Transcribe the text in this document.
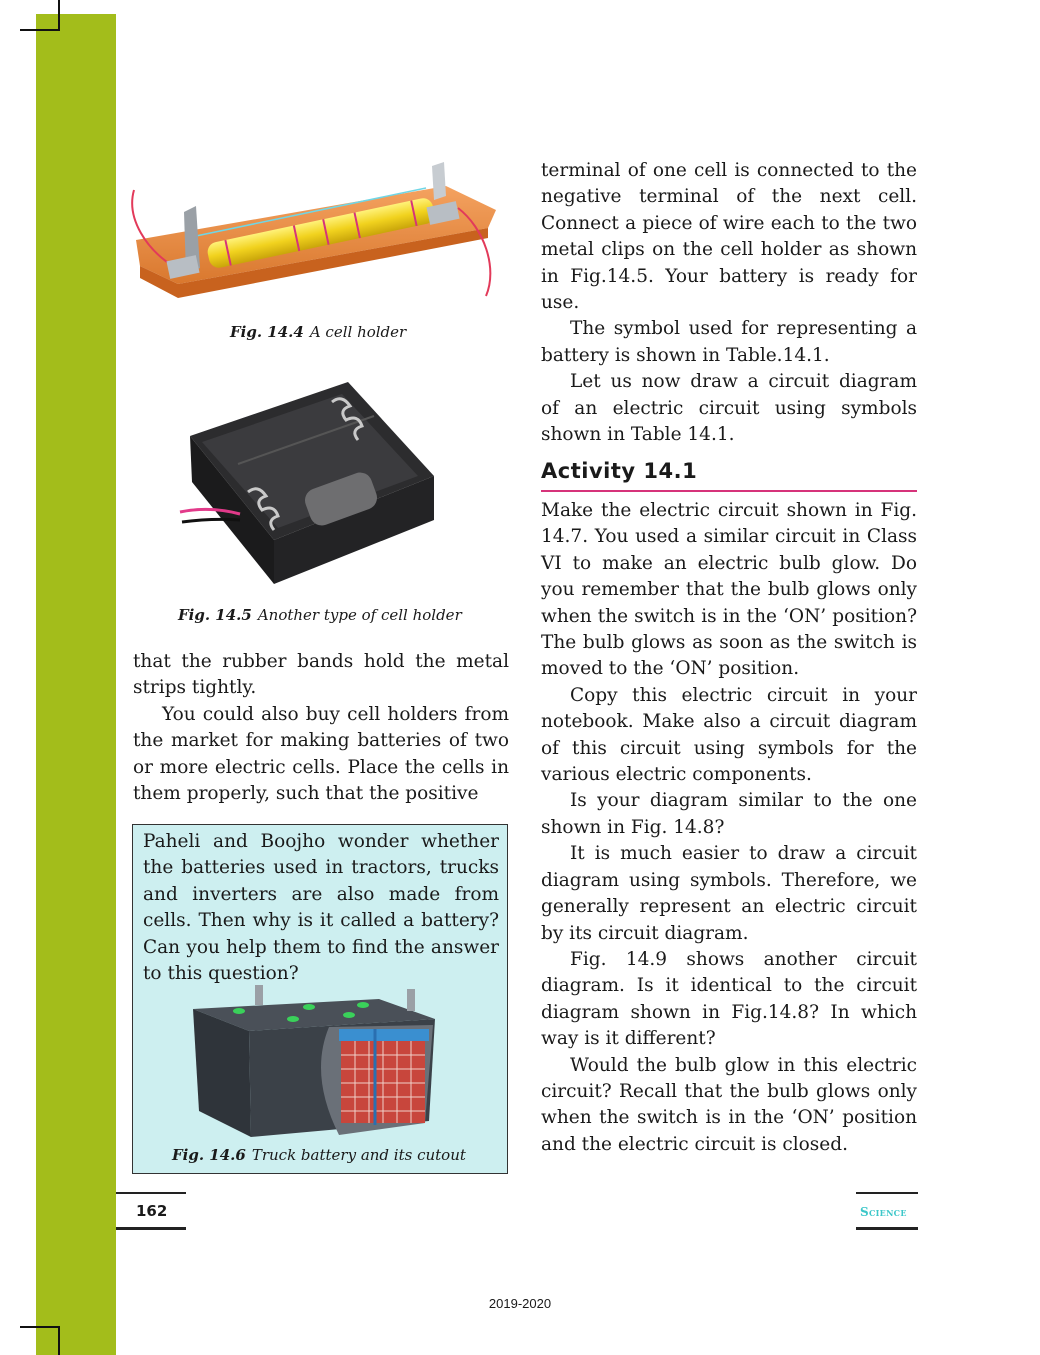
Fig. 14.4 A cell holder
Fig. 14.5 Another type of cell holder

that the rubber bands hold the metal strips tightly.

You could also buy cell holders from the market for making batteries of two or more electric cells. Place the cells in them properly, such that the positive

Paheli and Boojho wonder whether the batteries used in tractors, trucks and inverters are also made from cells. Then why is it called a battery? Can you help them to find the answer to this question?

Fig. 14.6 Truck battery and its cutout

terminal of one cell is connected to the negative terminal of the next cell. Connect a piece of wire each to the two metal clips on the cell holder as shown in Fig.14.5. Your battery is ready for use.

The symbol used for representing a battery is shown in Table.14.1.

Let us now draw a circuit diagram of an electric circuit using symbols shown in Table 14.1.

Activity 14.1

Make the electric circuit shown in Fig. 14.7. You used a similar circuit in Class VI to make an electric bulb glow. Do you remember that the bulb glows only when the switch is in the ‘ON’ position? The bulb glows as soon as the switch is moved to the ‘ON’ position.

Copy this electric circuit in your notebook. Make also a circuit diagram of this circuit using symbols for the various electric components.

Is your diagram similar to the one shown in Fig. 14.8?

It is much easier to draw a circuit diagram using symbols. Therefore, we generally represent an electric circuit by its circuit diagram.

Fig. 14.9 shows another circuit diagram. Is it identical to the circuit diagram shown in Fig.14.8? In which way is it different?

Would the bulb glow in this electric circuit? Recall that the bulb glows only when the switch is in the ‘ON’ position and the electric circuit is closed.

162	Science
2019-2020
